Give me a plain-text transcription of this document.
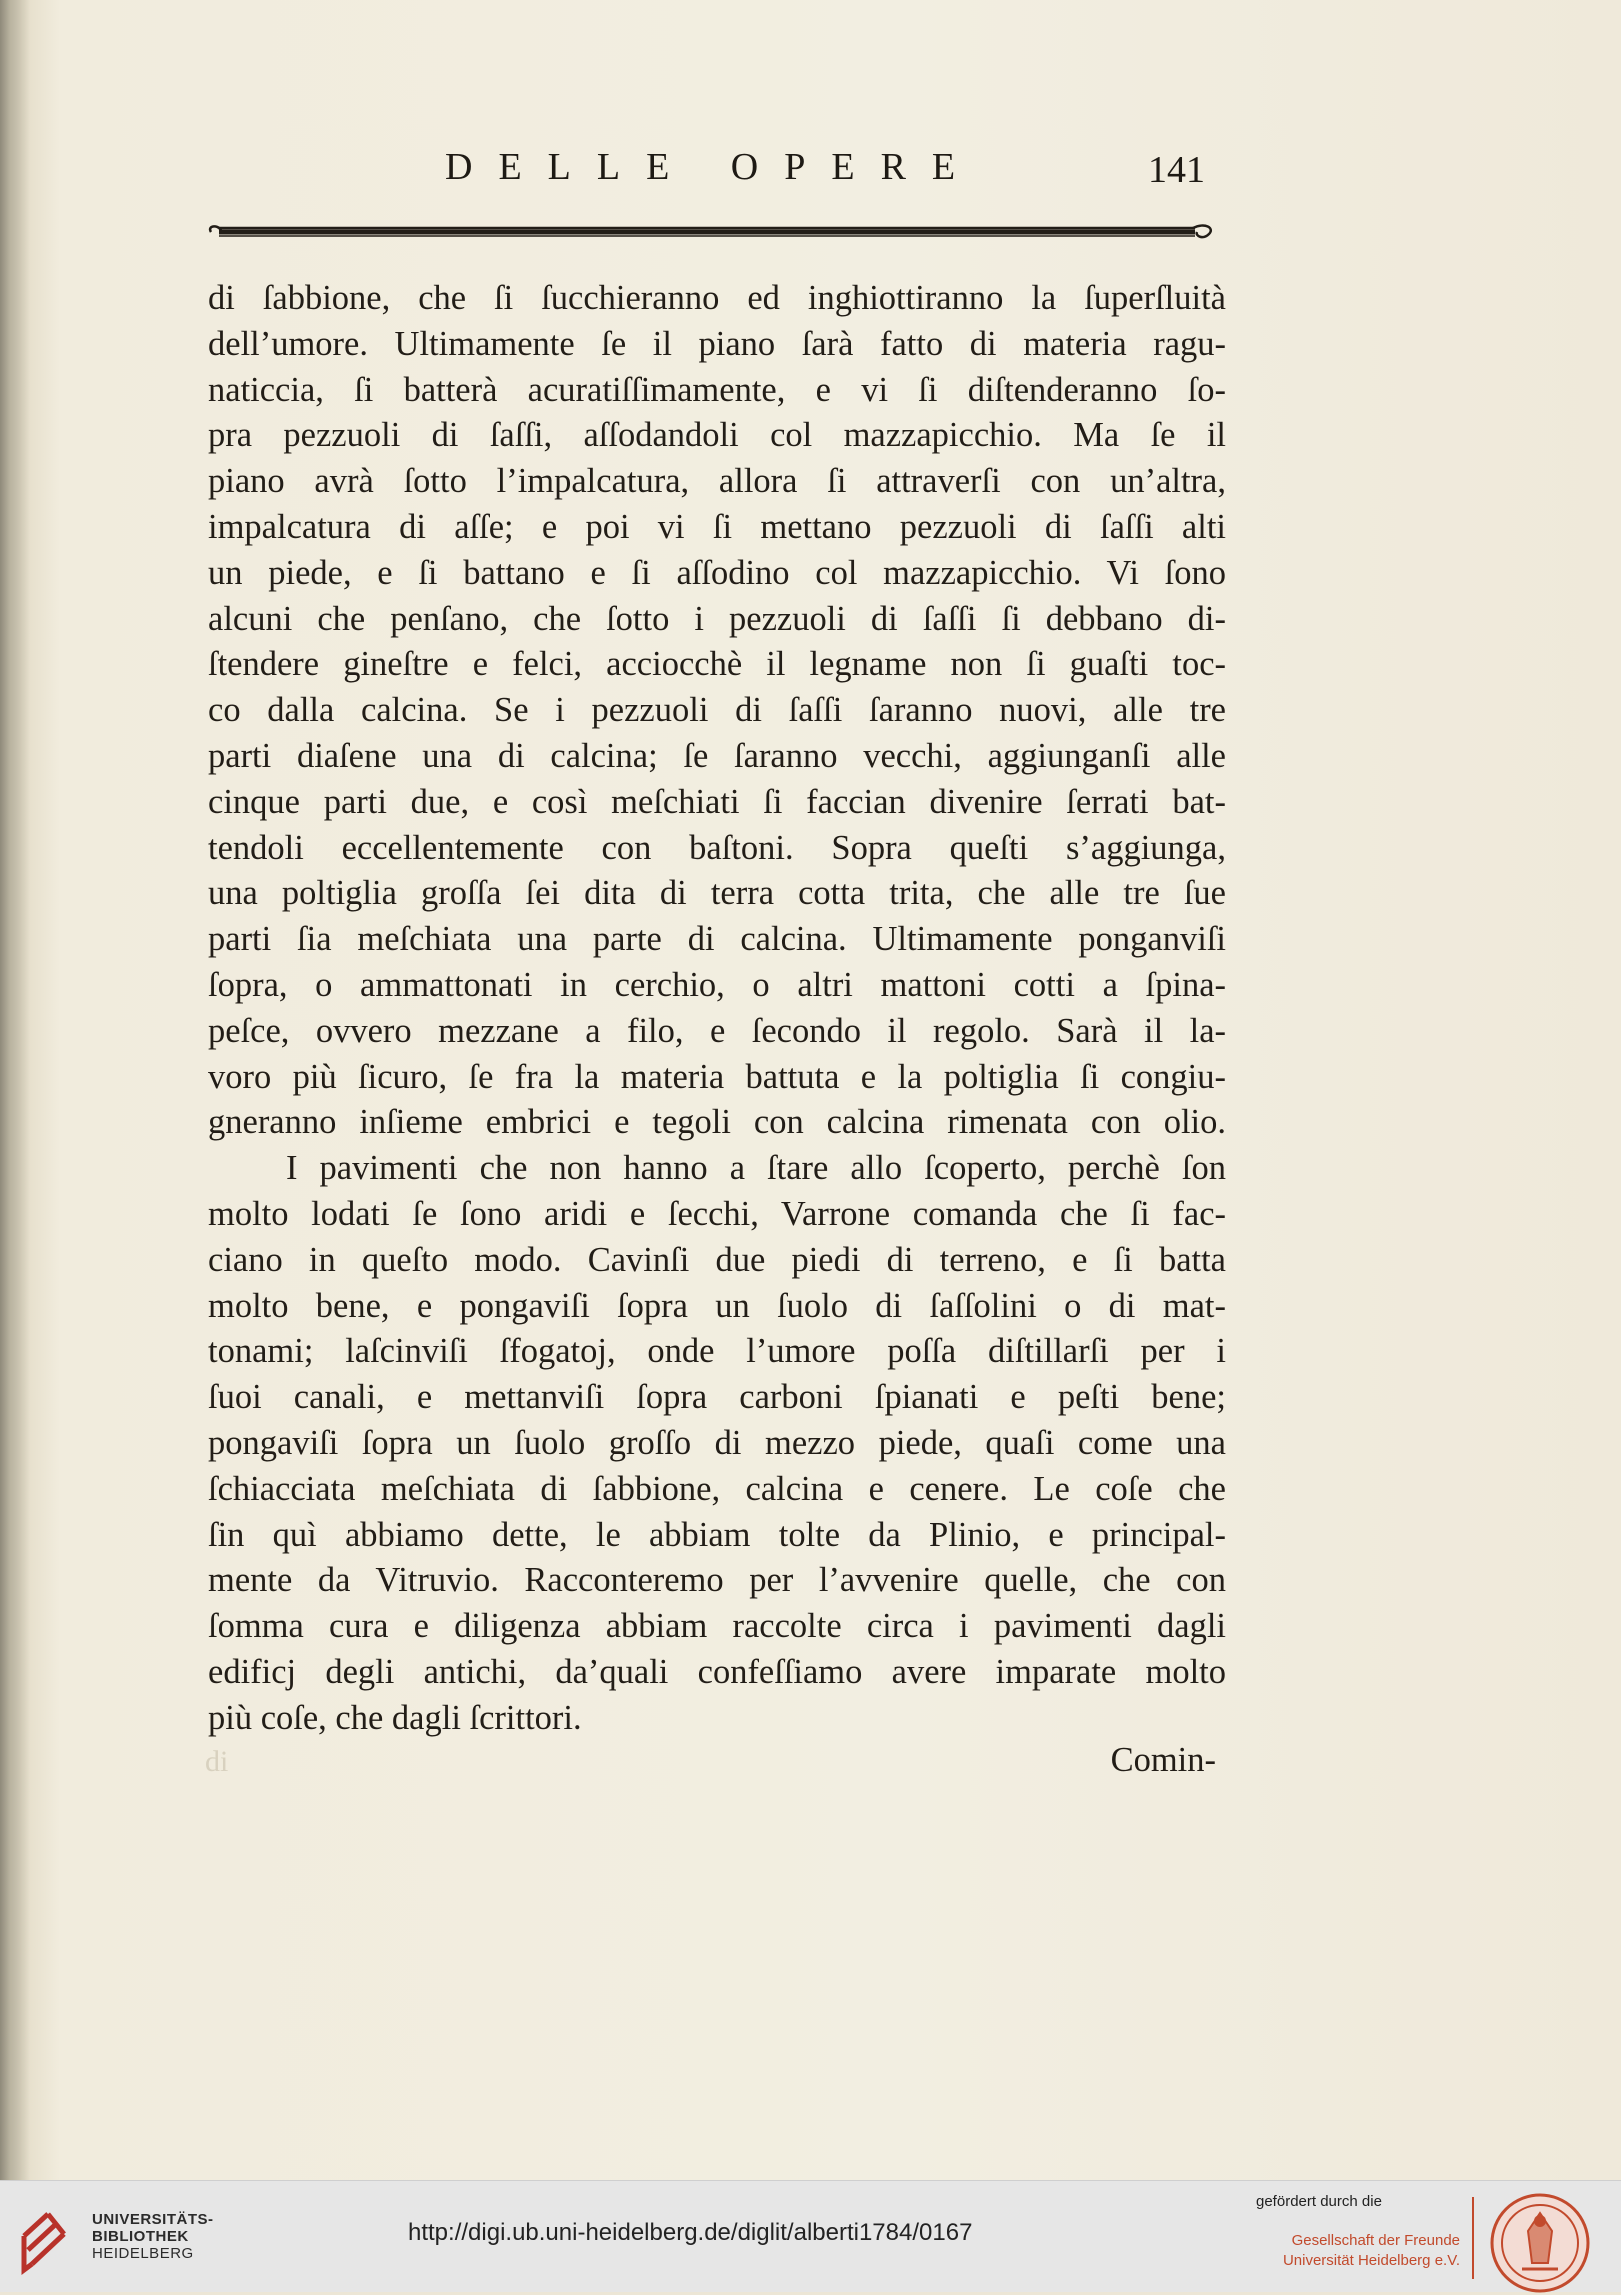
DELLE OPERE	141
di ſabbione, che ſi ſucchieranno ed inghiottiranno la ſuperſluità
dell’umore. Ultimamente ſe il piano ſarà fatto di materia ragu-
naticcia, ſi batterà acuratiſſimamente, e vi ſi diſtenderanno ſo-
pra pezzuoli di ſaſſi, aſſodandoli col mazzapicchio. Ma ſe il
piano avrà ſotto l’impalcatura, allora ſi attraverſi con un’altra,
impalcatura di aſſe; e poi vi ſi mettano pezzuoli di ſaſſi alti
un piede, e ſi battano e ſi aſſodino col mazzapicchio. Vi ſono
alcuni che penſano, che ſotto i pezzuoli di ſaſſi ſi debbano di-
ſtendere gineſtre e felci, acciocchè il legname non ſi guaſti toc-
co dalla calcina. Se i pezzuoli di ſaſſi ſaranno nuovi, alle tre
parti diaſene una di calcina; ſe ſaranno vecchi, aggiunganſi alle
cinque parti due, e così meſchiati ſi faccian divenire ſerrati bat-
tendoli eccellentemente con baſtoni. Sopra queſti s’aggiunga,
una poltiglia groſſa ſei dita di terra cotta trita, che alle tre ſue
parti ſia meſchiata una parte di calcina. Ultimamente ponganviſi
ſopra, o ammattonati in cerchio, o altri mattoni cotti a ſpina-
peſce, ovvero mezzane a filo, e ſecondo il regolo. Sarà il la-
voro più ſicuro, ſe fra la materia battuta e la poltiglia ſi congiu-
gneranno inſieme embrici e tegoli con calcina rimenata con olio.
I pavimenti che non hanno a ſtare allo ſcoperto, perchè ſon
molto lodati ſe ſono aridi e ſecchi, Varrone comanda che ſi fac-
ciano in queſto modo. Cavinſi due piedi di terreno, e ſi batta
molto bene, e pongaviſi ſopra un ſuolo di ſaſſolini o di mat-
tonami; laſcinviſi ſfogatoj, onde l’umore poſſa diſtillarſi per i
ſuoi canali, e mettanviſi ſopra carboni ſpianati e peſti bene;
pongaviſi ſopra un ſuolo groſſo di mezzo piede, quaſi come una
ſchiacciata meſchiata di ſabbione, calcina e cenere. Le coſe che
ſin quì abbiamo dette, le abbiam tolte da Plinio, e principal-
mente da Vitruvio. Racconteremo per l’avvenire quelle, che con
ſomma cura e diligenza abbiam raccolte circa i pavimenti dagli
edificj degli antichi, da’quali confeſſiamo avere imparate molto
più coſe, che dagli ſcrittori.
di	Comin-
UNIVERSITÄTS-
BIBLIOTHEK
HEIDELBERG
http://digi.ub.uni-heidelberg.de/diglit/alberti1784/0167
gefördert durch die
Gesellschaft der Freunde
Universität Heidelberg e.V.
